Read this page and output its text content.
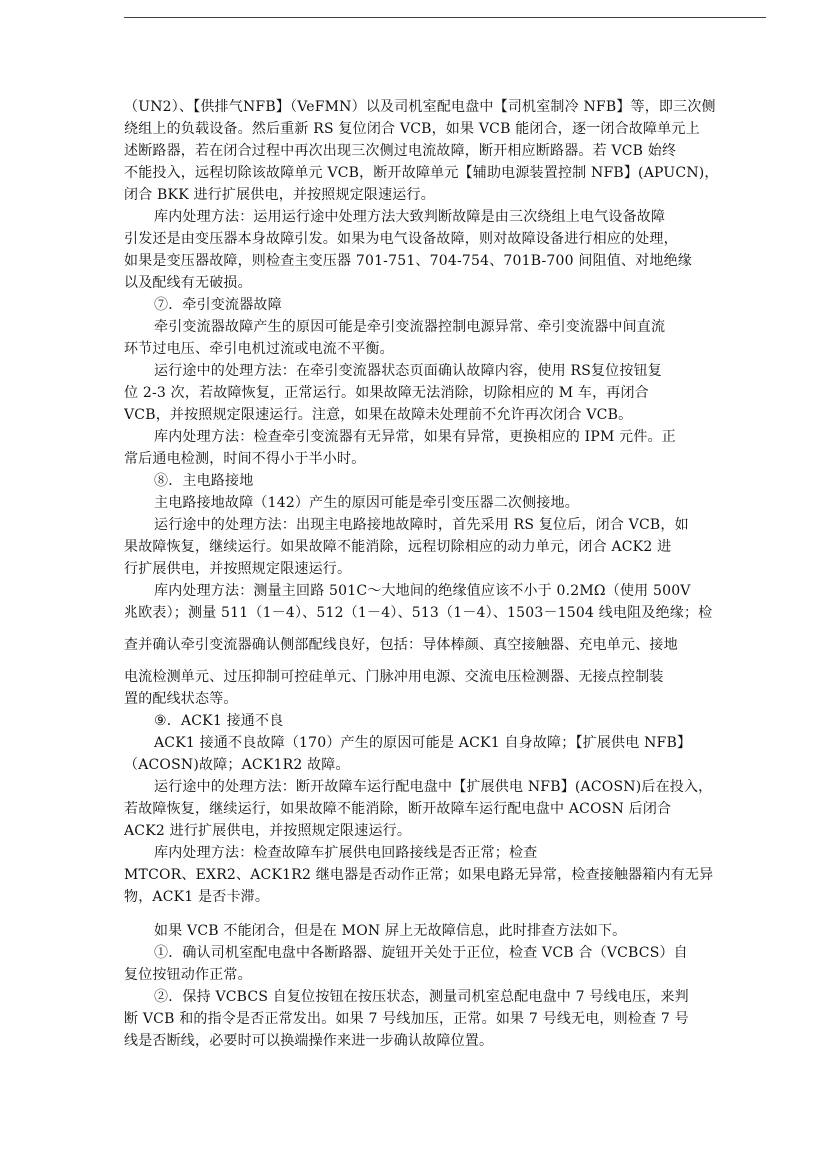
（UN2）、【供排气NFB】（VeFMN）以及司机室配电盘中【司机室制冷 NFB】等，即三次侧
绕组上的负载设备。然后重新 RS 复位闭合 VCB，如果 VCB 能闭合，逐一闭合故障单元上
述断路器，若在闭合过程中再次出现三次侧过电流故障，断开相应断路器。若 VCB 始终
不能投入，远程切除该故障单元 VCB，断开故障单元【辅助电源装置控制 NFB】(APUCN)，
闭合 BKK 进行扩展供电，并按照规定限速运行。
库内处理方法：运用运行途中处理方法大致判断故障是由三次绕组上电气设备故障
引发还是由变压器本身故障引发。如果为电气设备故障，则对故障设备进行相应的处理，
如果是变压器故障，则检查主变压器 701-751、704-754、701B-700 间阻值、对地绝缘
以及配线有无破损。
⑦．牵引变流器故障
牵引变流器故障产生的原因可能是牵引变流器控制电源异常、牵引变流器中间直流
环节过电压、牵引电机过流或电流不平衡。
运行途中的处理方法：在牵引变流器状态页面确认故障内容，使用 RS复位按钮复
位 2-3 次，若故障恢复，正常运行。如果故障无法消除，切除相应的 M 车，再闭合
VCB，并按照规定限速运行。注意，如果在故障未处理前不允许再次闭合 VCB。
库内处理方法：检查牵引变流器有无异常，如果有异常，更换相应的 IPM 元件。正
常后通电检测，时间不得小于半小时。
⑧．主电路接地
主电路接地故障（142）产生的原因可能是牵引变压器二次侧接地。
运行途中的处理方法：出现主电路接地故障时，首先采用 RS 复位后，闭合 VCB，如
果故障恢复，继续运行。如果故障不能消除，远程切除相应的动力单元，闭合 ACK2 进
行扩展供电，并按照规定限速运行。
库内处理方法：测量主回路 501C～大地间的绝缘值应该不小于 0.2MΩ（使用 500V
兆欧表）；测量 511（1－4）、512（1－4）、513（1－4）、1503－1504 线电阻及绝缘；检
查并确认牵引变流器确认侧部配线良好，包括：导体棒颜、真空接触器、充电单元、接地
电流检测单元、过压抑制可控硅单元、门脉冲用电源、交流电压检测器、无接点控制装
置的配线状态等。
⑨．ACK1 接通不良
ACK1 接通不良故障（170）产生的原因可能是 ACK1 自身故障；【扩展供电 NFB】
（ACOSN)故障；ACK1R2 故障。
运行途中的处理方法：断开故障车运行配电盘中【扩展供电 NFB】(ACOSN)后在投入，
若故障恢复，继续运行，如果故障不能消除，断开故障车运行配电盘中 ACOSN 后闭合
ACK2 进行扩展供电，并按照规定限速运行。
库内处理方法：检查故障车扩展供电回路接线是否正常；检查
MTCOR、EXR2、ACK1R2 继电器是否动作正常；如果电路无异常，检查接触器箱内有无异
物，ACK1 是否卡滞。
如果 VCB 不能闭合，但是在 MON 屏上无故障信息，此时排查方法如下。
①．确认司机室配电盘中各断路器、旋钮开关处于正位，检查 VCB 合（VCBCS）自
复位按钮动作正常。
②．保持 VCBCS 自复位按钮在按压状态，测量司机室总配电盘中 7 号线电压，来判
断 VCB 和的指令是否正常发出。如果 7 号线加压，正常。如果 7 号线无电，则检查 7 号
线是否断线，必要时可以换端操作来进一步确认故障位置。
